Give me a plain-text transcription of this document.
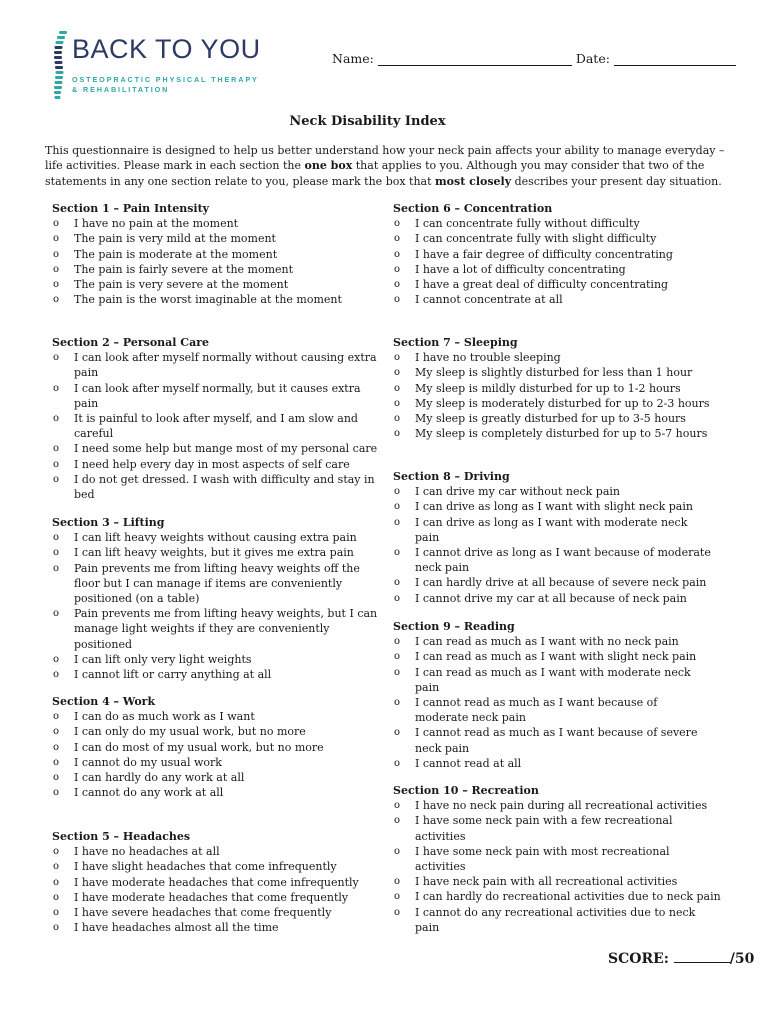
BACK TO YOU
OSTEOPRACTIC PHYSICAL THERAPY
& REHABILITATION
Name:	Date:
Neck Disability Index
This questionnaire is designed to help us better understand how your neck pain affects your ability to manage everyday – life activities. Please mark in each section the one box that applies to you. Although you may consider that two of the statements in any one section relate to you, please mark the box that most closely describes your present day situation.
Section 1 – Pain Intensity
o I have no pain at the moment
o The pain is very mild at the moment
o The pain is moderate at the moment
o The pain is fairly severe at the moment
o The pain is very severe at the moment
o The pain is the worst imaginable at the moment
Section 2 – Personal Care
o I can look after myself normally without causing extra pain
o I can look after myself normally, but it causes extra pain
o It is painful to look after myself, and I am slow and careful
o I need some help but mange most of my personal care
o I need help every day in most aspects of self care
o I do not get dressed. I wash with difficulty and stay in bed
Section 3 – Lifting
o I can lift heavy weights without causing extra pain
o I can lift heavy weights, but it gives me extra pain
o Pain prevents me from lifting heavy weights off the floor but I can manage if items are conveniently positioned (on a table)
o Pain prevents me from lifting heavy weights, but I can manage light weights if they are conveniently positioned
o I can lift only very light weights
o I cannot lift or carry anything at all
Section 4 – Work
o I can do as much work as I want
o I can only do my usual work, but no more
o I can do most of my usual work, but no more
o I cannot do my usual work
o I can hardly do any work at all
o I cannot do any work at all
Section 5 – Headaches
o I have no headaches at all
o I have slight headaches that come infrequently
o I have moderate headaches that come infrequently
o I have moderate headaches that come frequently
o I have severe headaches that come frequently
o I have headaches almost all the time
Section 6 – Concentration
o I can concentrate fully without difficulty
o I can concentrate fully with slight difficulty
o I have a fair degree of difficulty concentrating
o I have a lot of difficulty concentrating
o I have a great deal of difficulty concentrating
o I cannot concentrate at all
Section 7 – Sleeping
o I have no trouble sleeping
o My sleep is slightly disturbed for less than 1 hour
o My sleep is mildly disturbed for up to 1-2 hours
o My sleep is moderately disturbed for up to 2-3 hours
o My sleep is greatly disturbed for up to 3-5 hours
o My sleep is completely disturbed for up to 5-7 hours
Section 8 – Driving
o I can drive my car without neck pain
o I can drive as long as I want with slight neck pain
o I can drive as long as I want with moderate neck pain
o I cannot drive as long as I want because of moderate neck pain
o I can hardly drive at all because of severe neck pain
o I cannot drive my car at all because of neck pain
Section 9 – Reading
o I can read as much as I want with no neck pain
o I can read as much as I want with slight neck pain
o I can read as much as I want with moderate neck pain
o I cannot read as much as I want because of moderate neck pain
o I cannot read as much as I want because of severe neck pain
o I cannot read at all
Section 10 – Recreation
o I have no neck pain during all recreational activities
o I have some neck pain with a few recreational activities
o I have some neck pain with most recreational activities
o I have neck pain with all recreational activities
o I can hardly do recreational activities due to neck pain
o I cannot do any recreational activities due to neck pain
SCORE:	/50
